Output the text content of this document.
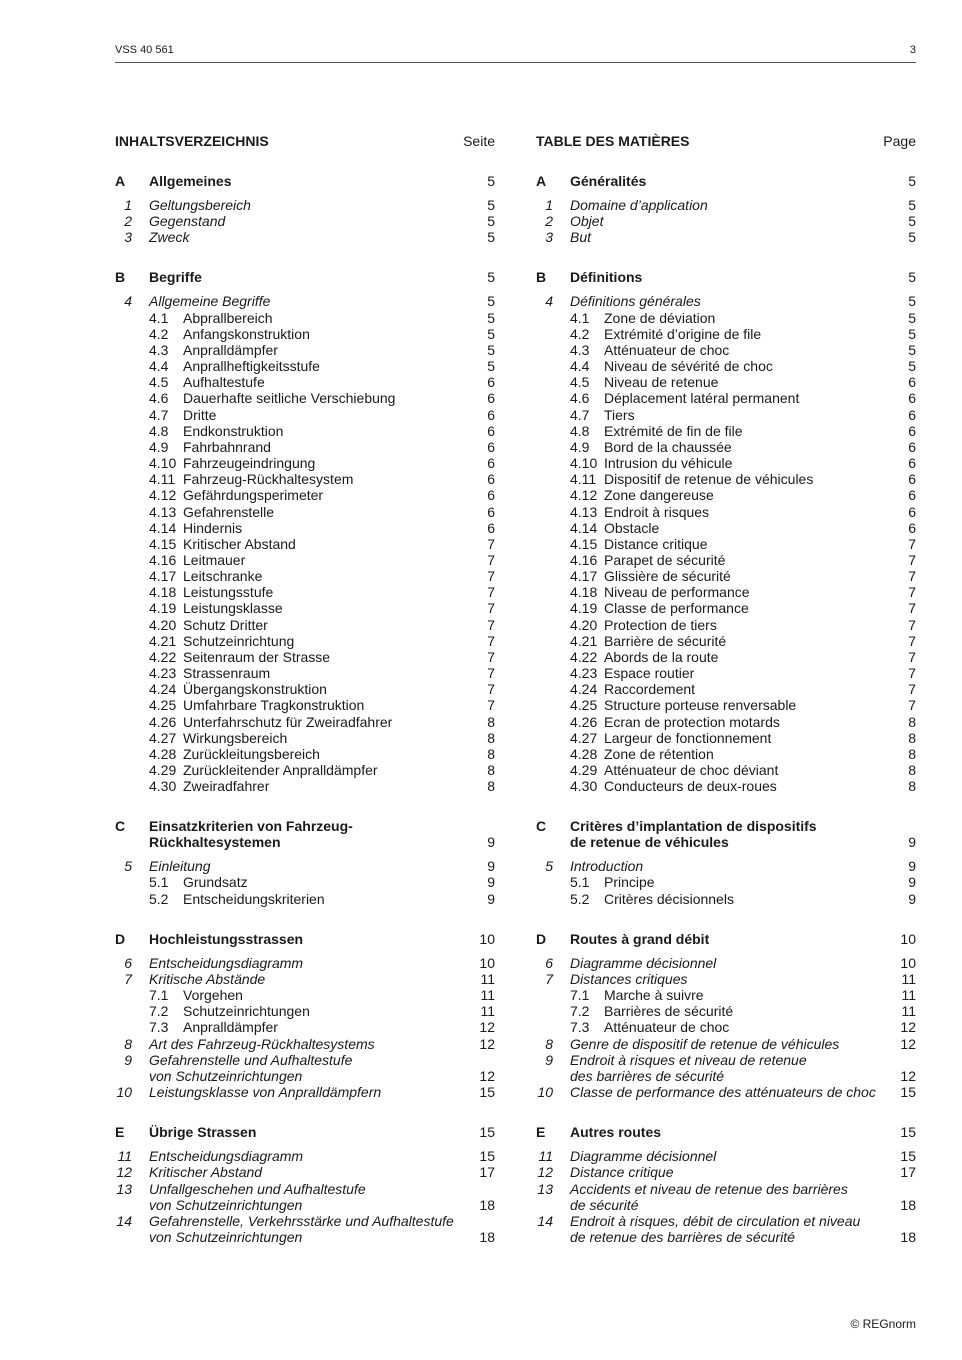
VSS 40 561	3
INHALTSVERZEICHNIS	Seite
A	Allgemeines	5
1 Geltungsbereich	5
2 Gegenstand	5
3 Zweck	5
B	Begriffe	5
4 Allgemeine Begriffe	5
4.1 Abprallbereich	5
4.2 Anfangskonstruktion	5
4.3 Anpralldämpfer	5
4.4 Anprallheftigkeitsstufe	5
4.5 Aufhaltestufe	6
4.6 Dauerhafte seitliche Verschiebung	6
4.7 Dritte	6
4.8 Endkonstruktion	6
4.9 Fahrbahnrand	6
4.10 Fahrzeugeindringung	6
4.11 Fahrzeug-Rückhaltesystem	6
4.12 Gefährdungsperimeter	6
4.13 Gefahrenstelle	6
4.14 Hindernis	6
4.15 Kritischer Abstand	7
4.16 Leitmauer	7
4.17 Leitschranke	7
4.18 Leistungsstufe	7
4.19 Leistungsklasse	7
4.20 Schutz Dritter	7
4.21 Schutzeinrichtung	7
4.22 Seitenraum der Strasse	7
4.23 Strassenraum	7
4.24 Übergangskonstruktion	7
4.25 Umfahrbare Tragkonstruktion	7
4.26 Unterfahrschutz für Zweiradfahrer	8
4.27 Wirkungsbereich	8
4.28 Zurückleitungsbereich	8
4.29 Zurückleitender Anpralldämpfer	8
4.30 Zweiradfahrer	8
C	Einsatzkriterien von Fahrzeug-
Rückhaltesystemen	9
5 Einleitung	9
5.1 Grundsatz	9
5.2 Entscheidungskriterien	9
D	Hochleistungsstrassen	10
6 Entscheidungsdiagramm	10
7 Kritische Abstände	11
7.1 Vorgehen	11
7.2 Schutzeinrichtungen	11
7.3 Anpralldämpfer	12
8 Art des Fahrzeug-Rückhaltesystems	12
9 Gefahrenstelle und Aufhaltestufe
von Schutzeinrichtungen	12
10 Leistungsklasse von Anpralldämpfern	15
E	Übrige Strassen	15
11 Entscheidungsdiagramm	15
12 Kritischer Abstand	17
13 Unfallgeschehen und Aufhaltestufe
von Schutzeinrichtungen	18
14 Gefahrenstelle, Verkehrsstärke und Aufhaltestufe
von Schutzeinrichtungen	18
TABLE DES MATIÈRES	Page
A	Généralités	5
1 Domaine d’application	5
2 Objet	5
3 But	5
B	Définitions	5
4 Définitions générales	5
4.1 Zone de déviation	5
4.2 Extrémité d’origine de file	5
4.3 Atténuateur de choc	5
4.4 Niveau de sévérité de choc	5
4.5 Niveau de retenue	6
4.6 Déplacement latéral permanent	6
4.7 Tiers	6
4.8 Extrémité de fin de file	6
4.9 Bord de la chaussée	6
4.10 Intrusion du véhicule	6
4.11 Dispositif de retenue de véhicules	6
4.12 Zone dangereuse	6
4.13 Endroit à risques	6
4.14 Obstacle	6
4.15 Distance critique	7
4.16 Parapet de sécurité	7
4.17 Glissière de sécurité	7
4.18 Niveau de performance	7
4.19 Classe de performance	7
4.20 Protection de tiers	7
4.21 Barrière de sécurité	7
4.22 Abords de la route	7
4.23 Espace routier	7
4.24 Raccordement	7
4.25 Structure porteuse renversable	7
4.26 Ecran de protection motards	8
4.27 Largeur de fonctionnement	8
4.28 Zone de rétention	8
4.29 Atténuateur de choc déviant	8
4.30 Conducteurs de deux-roues	8
C	Critères d’implantation de dispositifs
de retenue de véhicules	9
5 Introduction	9
5.1 Principe	9
5.2 Critères décisionnels	9
D	Routes à grand débit	10
6 Diagramme décisionnel	10
7 Distances critiques	11
7.1 Marche à suivre	11
7.2 Barrières de sécurité	11
7.3 Atténuateur de choc	12
8 Genre de dispositif de retenue de véhicules	12
9 Endroit à risques et niveau de retenue
des barrières de sécurité	12
10 Classe de performance des atténuateurs de choc	15
E	Autres routes	15
11 Diagramme décisionnel	15
12 Distance critique	17
13 Accidents et niveau de retenue des barrières
de sécurité	18
14 Endroit à risques, débit de circulation et niveau
de retenue des barrières de sécurité	18
© REGnorm
